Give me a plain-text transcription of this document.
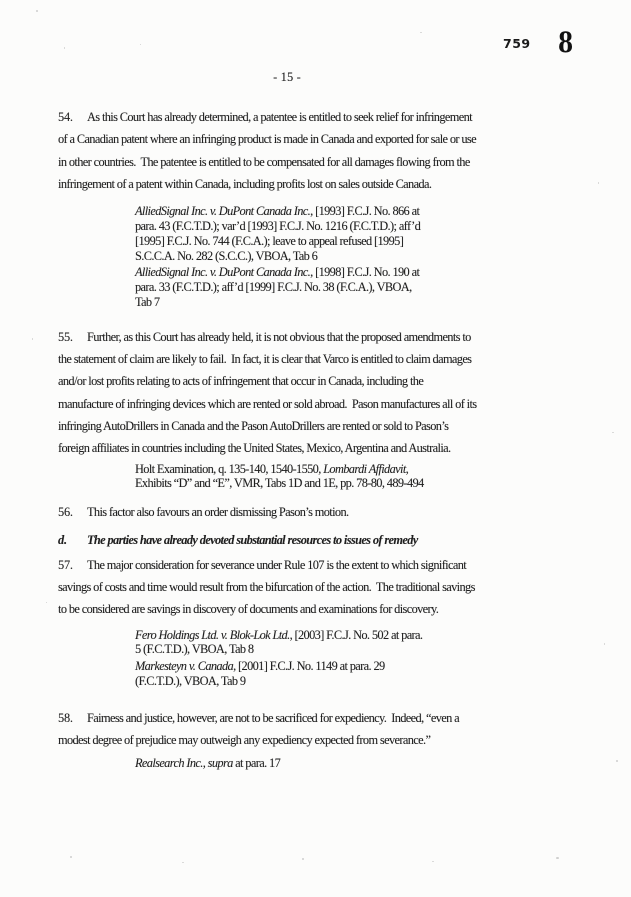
759 8
- 15 -
54. As this Court has already determined, a patentee is entitled to seek relief for infringement
of a Canadian patent where an infringing product is made in Canada and exported for sale or use
in other countries.  The patentee is entitled to be compensated for all damages flowing from the
infringement of a patent within Canada, including profits lost on sales outside Canada.
AlliedSignal Inc. v. DuPont Canada Inc., [1993] F.C.J. No. 866 at
para. 43 (F.C.T.D.); var’d [1993] F.C.J. No. 1216 (F.C.T.D.); aff’d
[1995] F.C.J. No. 744 (F.C.A.); leave to appeal refused [1995]
S.C.C.A. No. 282 (S.C.C.), VBOA, Tab 6
AlliedSignal Inc. v. DuPont Canada Inc., [1998] F.C.J. No. 190 at
para. 33 (F.C.T.D.); aff’d [1999] F.C.J. No. 38 (F.C.A.), VBOA,
Tab 7
55. Further, as this Court has already held, it is not obvious that the proposed amendments to
the statement of claim are likely to fail.  In fact, it is clear that Varco is entitled to claim damages
and/or lost profits relating to acts of infringement that occur in Canada, including the
manufacture of infringing devices which are rented or sold abroad.  Pason manufactures all of its
infringing AutoDrillers in Canada and the Pason AutoDrillers are rented or sold to Pason’s
foreign affiliates in countries including the United States, Mexico, Argentina and Australia.
Holt Examination, q. 135-140, 1540-1550, Lombardi Affidavit,
Exhibits “D” and “E”, VMR, Tabs 1D and 1E, pp. 78-80, 489-494
56. This factor also favours an order dismissing Pason’s motion.
d. The parties have already devoted substantial resources to issues of remedy
57. The major consideration for severance under Rule 107 is the extent to which significant
savings of costs and time would result from the bifurcation of the action.  The traditional savings
to be considered are savings in discovery of documents and examinations for discovery.
Fero Holdings Ltd. v. Blok-Lok Ltd., [2003] F.C.J. No. 502 at para.
5 (F.C.T.D.), VBOA, Tab 8
Markesteyn v. Canada, [2001] F.C.J. No. 1149 at para. 29
(F.C.T.D.), VBOA, Tab 9
58. Fairness and justice, however, are not to be sacrificed for expediency.  Indeed, “even a
modest degree of prejudice may outweigh any expediency expected from severance.”
Realsearch Inc., supra at para. 17
